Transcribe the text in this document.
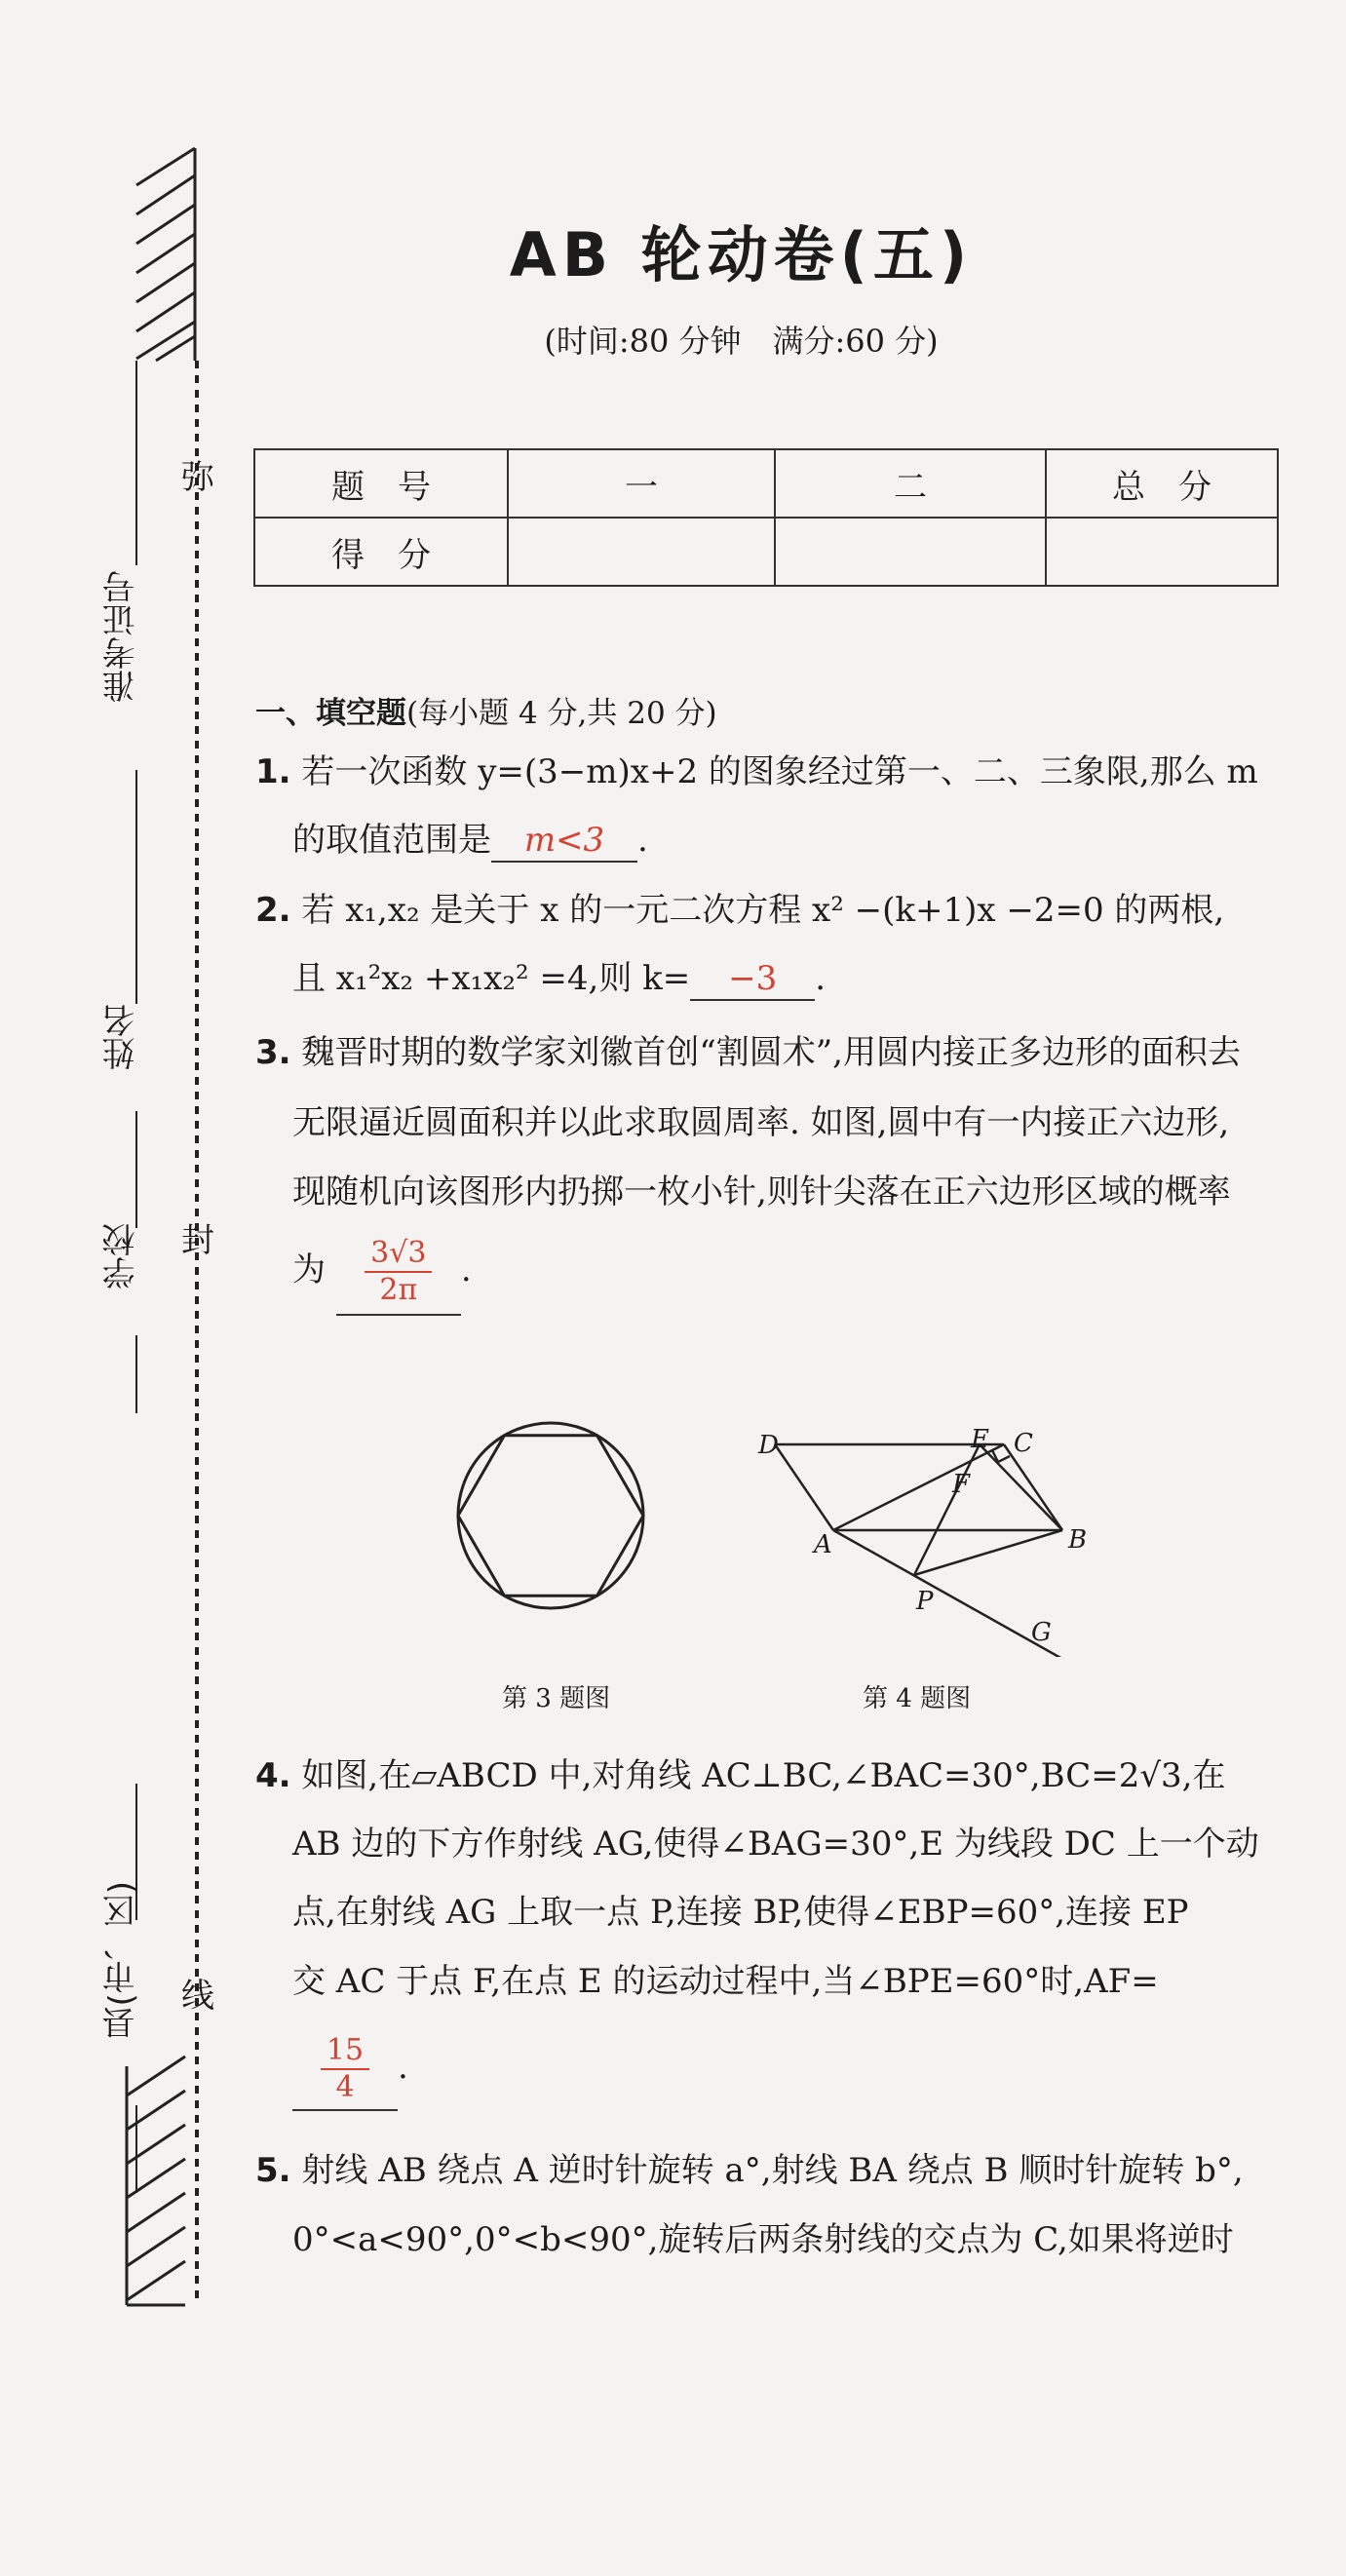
准考证号
姓名
学校
县(市、区)
弥
封
线
AB 轮动卷(五)
(时间:80 分钟　满分:60 分)
题　号	一	二	总　分
得　分			
一、填空题(每小题 4 分,共 20 分)
1. 若一次函数 y=(3−m)x+2 的图象经过第一、二、三象限,那么 m
的取值范围是 m<3 .
2. 若 x₁,x₂ 是关于 x 的一元二次方程 x² −(k+1)x −2=0 的两根,
且 x₁²x₂ +x₁x₂² =4,则 k= −3 .
3. 魏晋时期的数学家刘徽首创“割圆术”,用圆内接正多边形的面积去
无限逼近圆面积并以此求取圆周率. 如图,圆中有一内接正六边形,
现随机向该图形内扔掷一枚小针,则针尖落在正六边形区域的概率
为 $\frac{3√3}{2\pi}$ .
D	E C
F
A	B
P
G
第 3 题图	第 4 题图
4. 如图,在▱ABCD 中,对角线 AC⊥BC,∠BAC=30°,BC=2√3,在
AB 边的下方作射线 AG,使得∠BAG=30°,E 为线段 DC 上一个动
点,在射线 AG 上取一点 P,连接 BP,使得∠EBP=60°,连接 EP
交 AC 于点 F,在点 E 的运动过程中,当∠BPE=60°时,AF=
$\frac{15}{4}$ .
5. 射线 AB 绕点 A 逆时针旋转 a°,射线 BA 绕点 B 顺时针旋转 b°,
0°<a<90°,0°<b<90°,旋转后两条射线的交点为 C,如果将逆时
